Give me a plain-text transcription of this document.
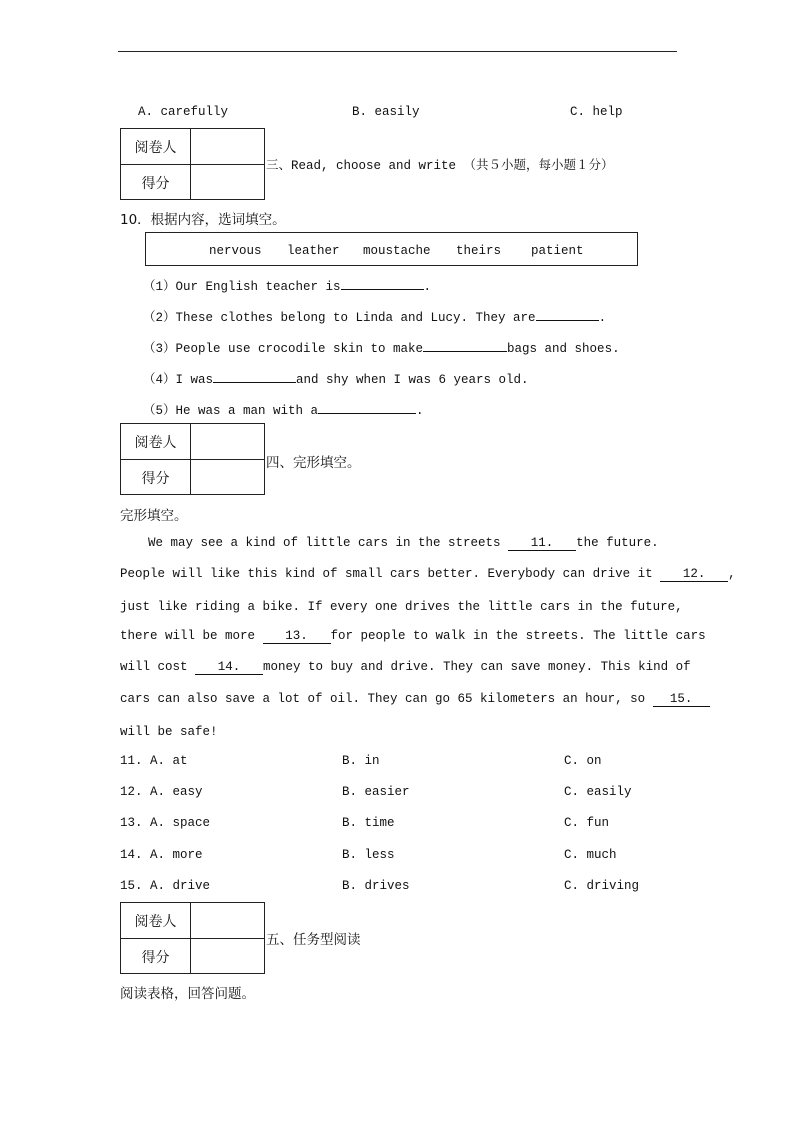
A. carefully	B. easily	C. help
阅卷人
得分
三、Read, choose and write （共５小题，每小题１分）
10．根据内容，选词填空。
nervous leather moustache theirs patient
（1）Our English teacher is	.
（2）These clothes belong to Linda and Lucy. They are	.
（3）People use crocodile skin to make	bags and shoes.
（4）I was	and shy when I was 6 years old.
（5）He was a man with a	.
阅卷人
得分
四、完形填空。
完形填空。
We may see a kind of little cars in the streets 11. the future.
People will like this kind of small cars better. Everybody can drive it 12. ,
just like riding a bike. If every one drives the little cars in the future,
there will be more 13. for people to walk in the streets. The little cars
will cost 14. money to buy and drive. They can save money. This kind of
cars can also save a lot of oil. They can go 65 kilometers an hour, so 15.
will be safe!
11. A. at	B. in	C. on
12. A. easy	B. easier	C. easily
13. A. space	B. time	C. fun
14. A. more	B. less	C. much
15. A. drive	B. drives	C. driving
阅卷人
得分
五、任务型阅读
阅读表格，回答问题。
